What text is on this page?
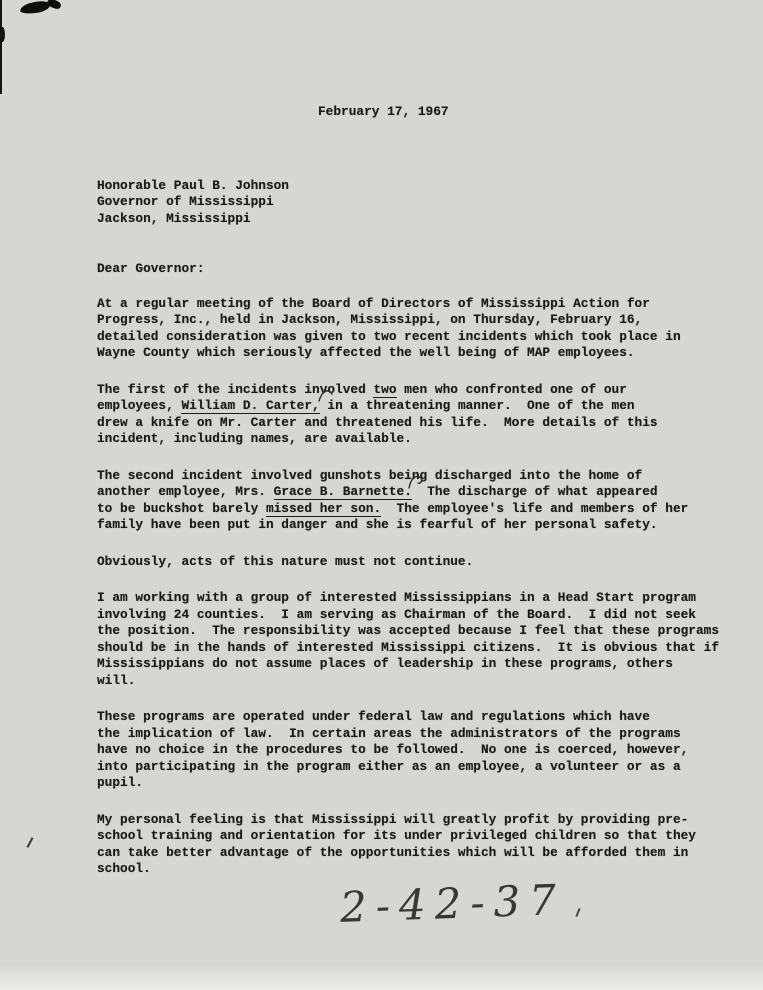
February 17, 1967
Honorable Paul B. Johnson
Governor of Mississippi
Jackson, Mississippi
Dear Governor:
At a regular meeting of the Board of Directors of Mississippi Action for
Progress, Inc., held in Jackson, Mississippi, on Thursday, February 16,
detailed consideration was given to two recent incidents which took place in
Wayne County which seriously affected the well being of MAP employees.
The first of the incidents involved two men who confronted one of our
employees, William D. Carter, in a threatening manner.  One of the men
drew a knife on Mr. Carter and threatened his life.  More details of this
incident, including names, are available.
The second incident involved gunshots being discharged into the home of
another employee, Mrs. Grace B. Barnette.  The discharge of what appeared
to be buckshot barely missed her son.  The employee's life and members of her
family have been put in danger and she is fearful of her personal safety.
Obviously, acts of this nature must not continue.
I am working with a group of interested Mississippians in a Head Start program
involving 24 counties.  I am serving as Chairman of the Board.  I did not seek
the position.  The responsibility was accepted because I feel that these programs
should be in the hands of interested Mississippi citizens.  It is obvious that if
Mississippians do not assume places of leadership in these programs, others
will.
These programs are operated under federal law and regulations which have
the implication of law.  In certain areas the administrators of the programs
have no choice in the procedures to be followed.  No one is coerced, however,
into participating in the program either as an employee, a volunteer or as a
pupil.
My personal feeling is that Mississippi will greatly profit by providing pre-
school training and orientation for its under privileged children so that they
can take better advantage of the opportunities which will be afforded them in
school.
2-42-37
